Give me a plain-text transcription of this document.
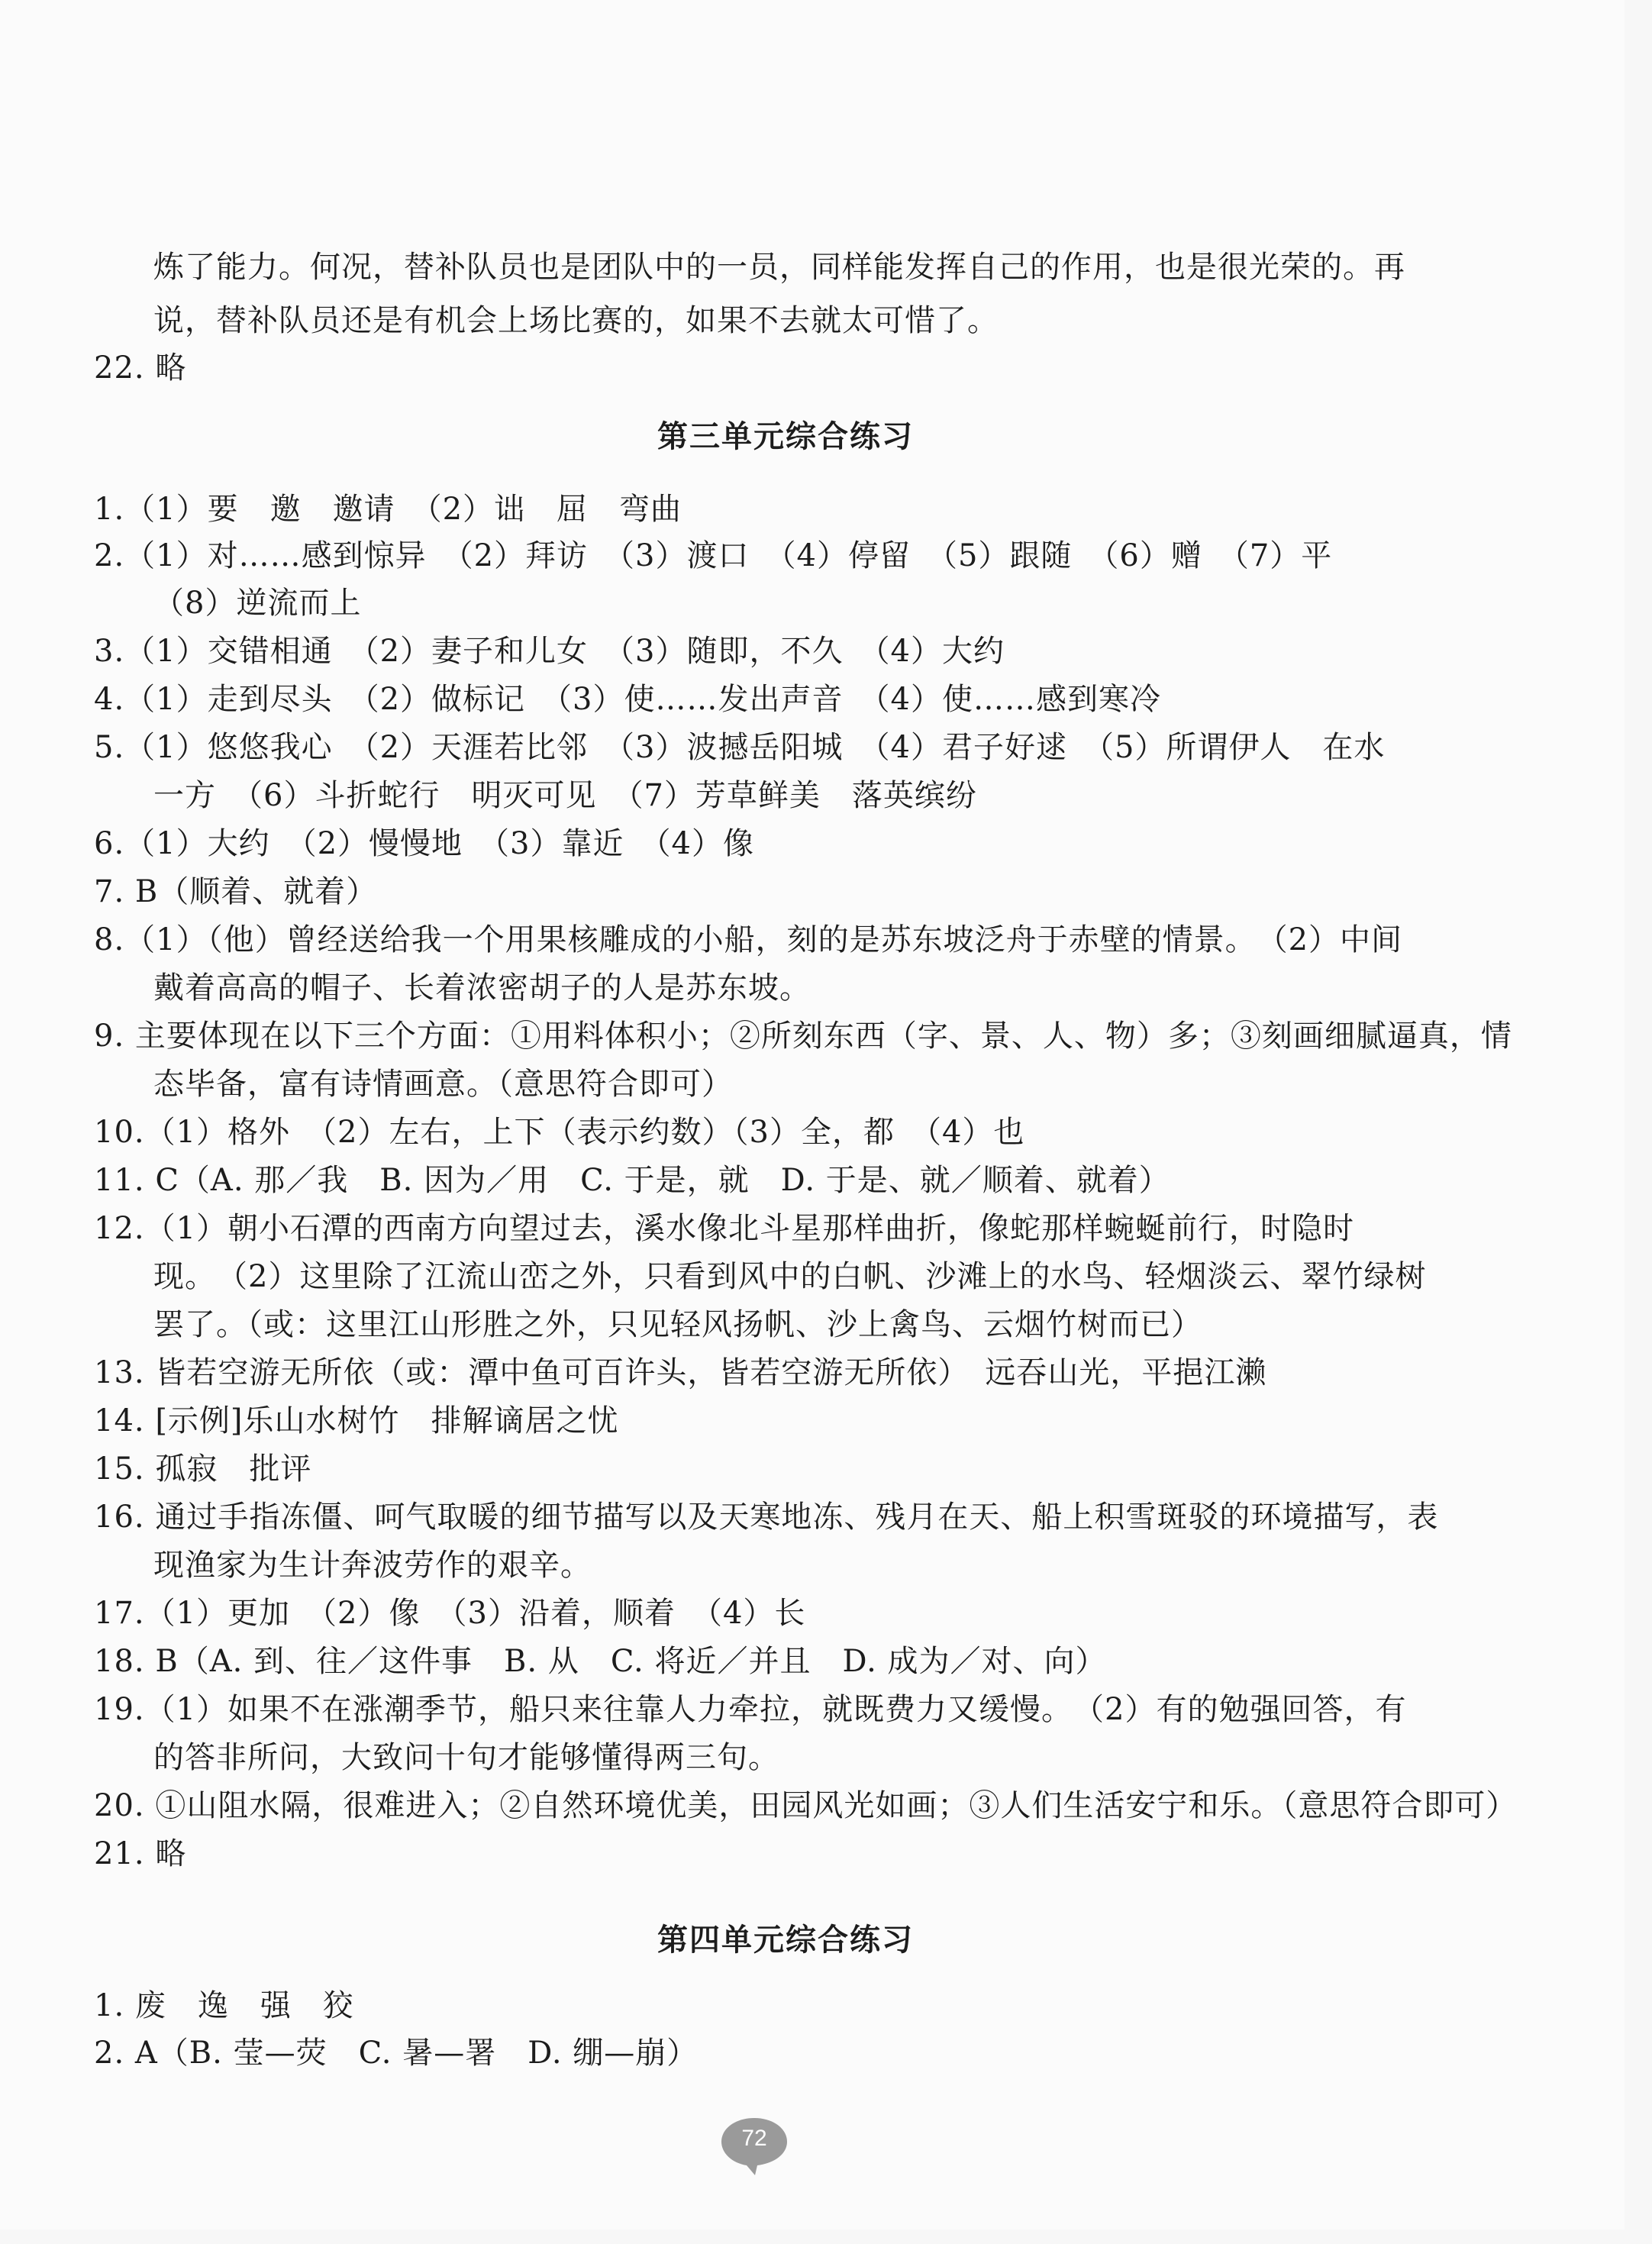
炼了能力。何况，替补队员也是团队中的一员，同样能发挥自己的作用，也是很光荣的。再
说，替补队员还是有机会上场比赛的，如果不去就太可惜了。
22. 略
第三单元综合练习
1.（1）要　邀　邀请　（2）诎　屈　弯曲
2.（1）对……感到惊异　（2）拜访　（3）渡口　（4）停留　（5）跟随　（6）赠　（7）平
（8）逆流而上
3.（1）交错相通　（2）妻子和儿女　（3）随即，不久　（4）大约
4.（1）走到尽头　（2）做标记　（3）使……发出声音　（4）使……感到寒冷
5.（1）悠悠我心　（2）天涯若比邻　（3）波撼岳阳城　（4）君子好逑　（5）所谓伊人　在水
一方　（6）斗折蛇行　明灭可见　（7）芳草鲜美　落英缤纷
6.（1）大约　（2）慢慢地　（3）靠近　（4）像
7. B（顺着、就着）
8.（1）（他）曾经送给我一个用果核雕成的小船，刻的是苏东坡泛舟于赤壁的情景。　（2）中间
戴着高高的帽子、长着浓密胡子的人是苏东坡。
9. 主要体现在以下三个方面：①用料体积小；②所刻东西（字、景、人、物）多；③刻画细腻逼真，情
态毕备，富有诗情画意。（意思符合即可）
10.（1）格外　（2）左右，上下（表示约数）（3）全，都　（4）也
11. C（A. 那／我　B. 因为／用　C. 于是，就　D. 于是、就／顺着、就着）
12.（1）朝小石潭的西南方向望过去，溪水像北斗星那样曲折，像蛇那样蜿蜒前行，时隐时
现。　（2）这里除了江流山峦之外，只看到风中的白帆、沙滩上的水鸟、轻烟淡云、翠竹绿树
罢了。（或：这里江山形胜之外，只见轻风扬帆、沙上禽鸟、云烟竹树而已）
13. 皆若空游无所依（或：潭中鱼可百许头，皆若空游无所依）　远吞山光，平挹江濑
14. [示例]乐山水树竹　排解谪居之忧
15. 孤寂　批评
16. 通过手指冻僵、呵气取暖的细节描写以及天寒地冻、残月在天、船上积雪斑驳的环境描写，表
现渔家为生计奔波劳作的艰辛。
17.（1）更加　（2）像　（3）沿着，顺着　（4）长
18. B（A. 到、往／这件事　B. 从　C. 将近／并且　D. 成为／对、向）
19.（1）如果不在涨潮季节，船只来往靠人力牵拉，就既费力又缓慢。　（2）有的勉强回答，有
的答非所问，大致问十句才能够懂得两三句。
20. ①山阻水隔，很难进入；②自然环境优美，田园风光如画；③人们生活安宁和乐。（意思符合即可）
21. 略
第四单元综合练习
1. 废　逸　强　狡
2. A（B. 莹—荧　C. 暑—署　D. 绷—崩）
72
